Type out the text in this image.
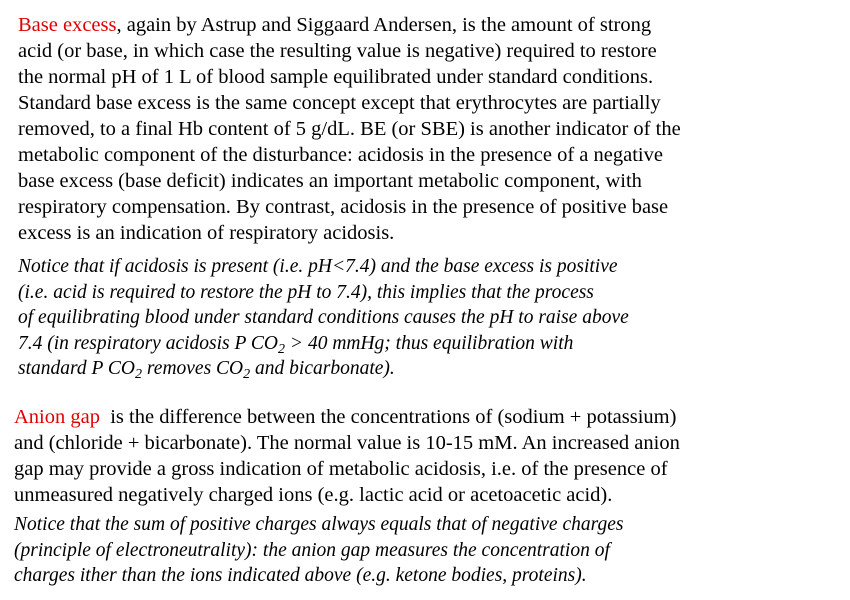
Base excess, again by Astrup and Siggaard Andersen, is the amount of strong
acid (or base, in which case the resulting value is negative) required to restore
the normal pH of 1 L of blood sample equilibrated under standard conditions.
Standard base excess is the same concept except that erythrocytes are partially
removed, to a final Hb content of 5 g/dL. BE (or SBE) is another indicator of the
metabolic component of the disturbance: acidosis in the presence of a negative
base excess (base deficit) indicates an important metabolic component, with
respiratory compensation. By contrast, acidosis in the presence of positive base
excess is an indication of respiratory acidosis.

Notice that if acidosis is present (i.e. pH<7.4) and the base excess is positive
(i.e. acid is required to restore the pH to 7.4), this implies that the process
of equilibrating blood under standard conditions causes the pH to raise above
7.4 (in respiratory acidosis P $CO_2 > 40$ mmHg; thus equilibration with
standard P $CO_2$ removes $CO_2$ and bicarbonate).

Anion gap  is the difference between the concentrations of (sodium + potassium)
and (chloride + bicarbonate). The normal value is 10-15 mM. An increased anion
gap may provide a gross indication of metabolic acidosis, i.e. of the presence of
unmeasured negatively charged ions (e.g. lactic acid or acetoacetic acid).

Notice that the sum of positive charges always equals that of negative charges
(principle of electroneutrality): the anion gap measures the concentration of
charges ither than the ions indicated above (e.g. ketone bodies, proteins).
